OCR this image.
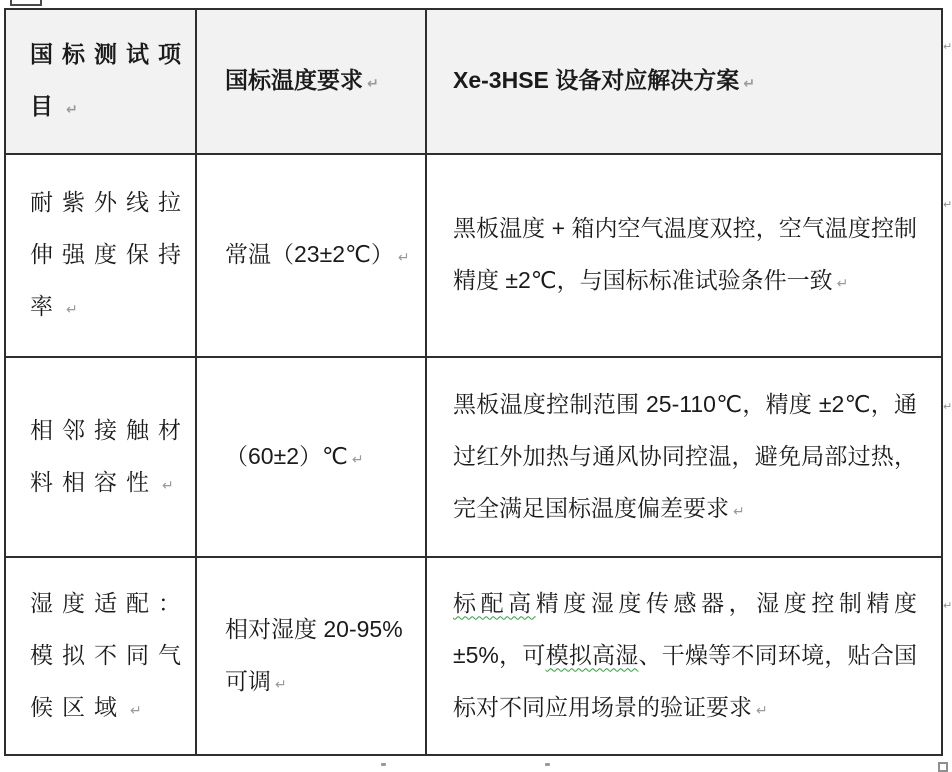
国标测试项目 ↵	国标温度要求 ↵	Xe-3HSE 设备对应解决方案 ↵
耐紫外线拉伸强度保持率 ↵	常温（23±2℃） ↵	黑板温度 + 箱内空气温度双控，空气温度控制精度 ±2℃，与国标标准试验条件一致 ↵
相邻接触材料相容性 ↵	（60±2）℃ ↵	黑板温度控制范围 25-110℃，精度 ±2℃，通过红外加热与通风协同控温，避免局部过热，完全满足国标温度偏差要求 ↵
湿度适配：模拟不同气候区域 ↵	相对湿度 20-95% 可调 ↵	标配高精度湿度传感器，湿度控制精度 ±5%，可模拟高湿、干燥等不同环境，贴合国标对不同应用场景的验证要求 ↵
↵
↵
↵
↵
